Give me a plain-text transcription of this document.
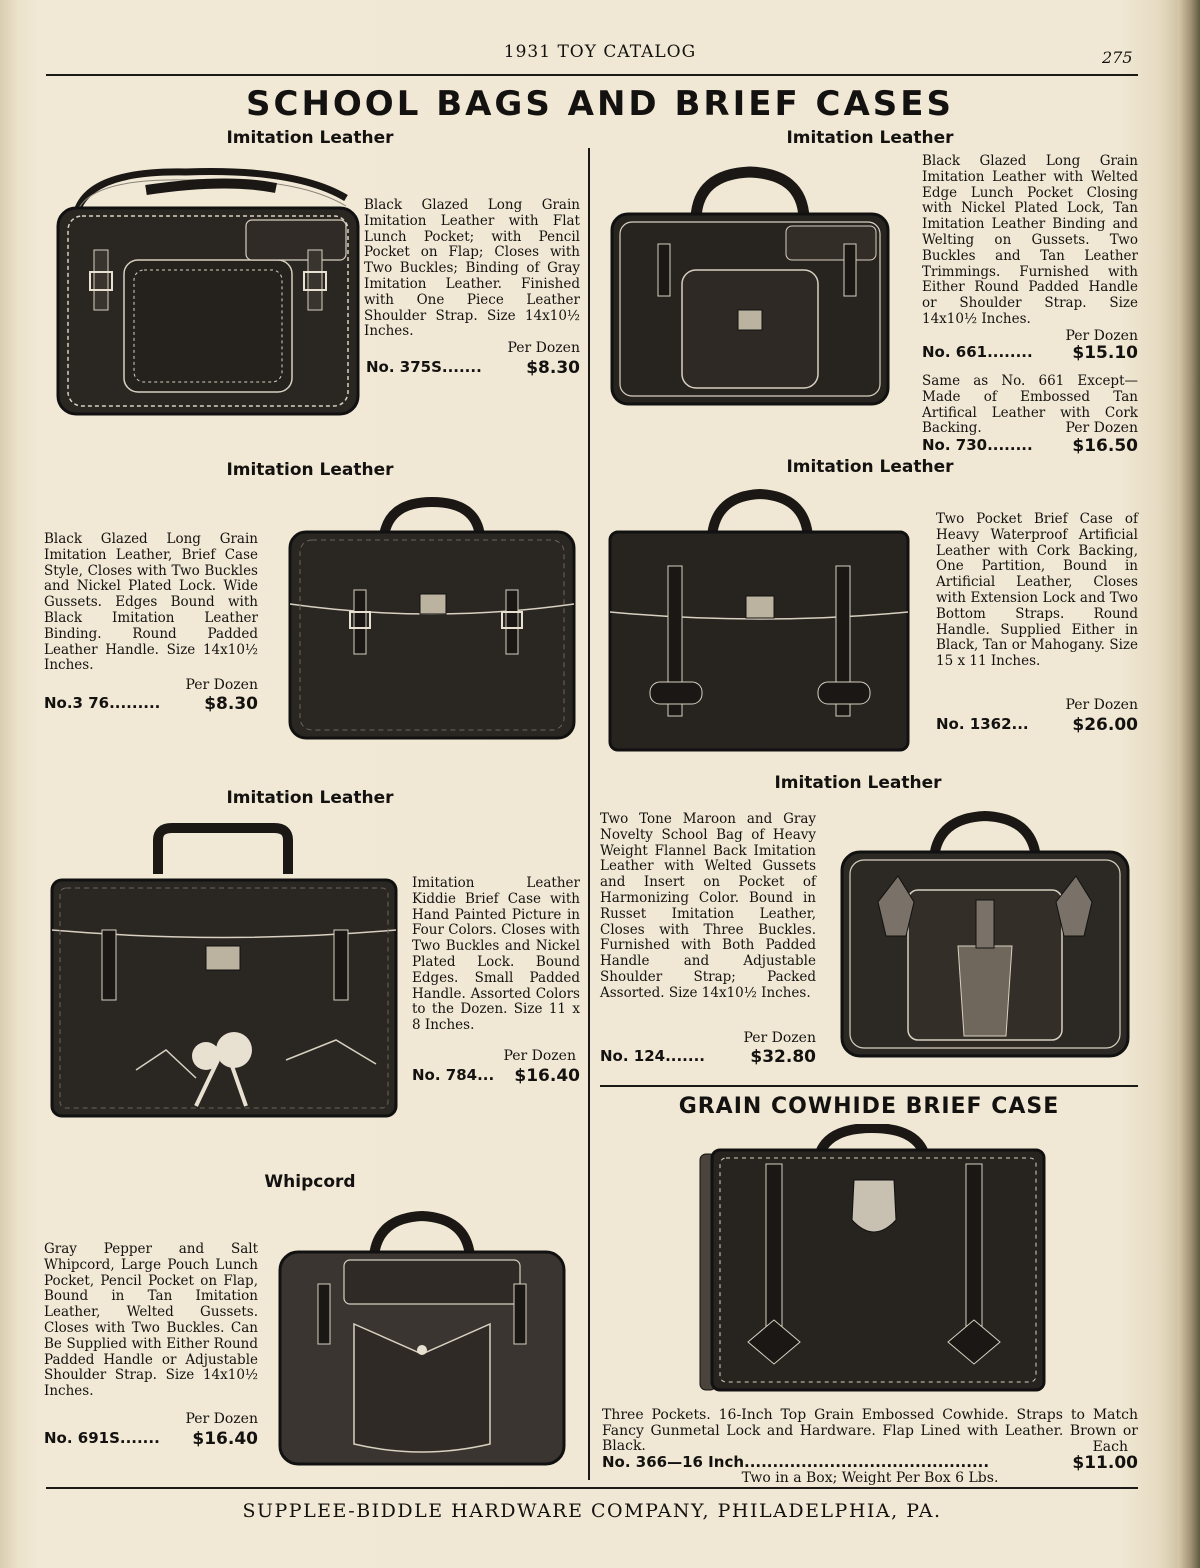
1931 TOY CATALOG	275
SCHOOL BAGS AND BRIEF CASES
Imitation Leather
Black Glazed Long Grain Imitation Leather with Flat Lunch Pocket; with Pencil Pocket on Flap; Closes with Two Buckles; Binding of Gray Imitation Leather. Finished with One Piece Leather Shoulder Strap. Size 14x10½ Inches.
Per Dozen
No. 375S.......	$8.30
Imitation Leather
Black Glazed Long Grain Imitation Leather, Brief Case Style, Closes with Two Buckles and Nickel Plated Lock. Wide Gussets. Edges Bound with Black Imitation Leather Binding. Round Padded Leather Handle. Size 14x10½ Inches.
Per Dozen
No.3 76.........	$8.30
Imitation Leather
Imitation Leather Kiddie Brief Case with Hand Painted Picture in Four Colors. Closes with Two Buckles and Nickel Plated Lock. Bound Edges. Small Padded Handle. Assorted Colors to the Dozen. Size 11 x 8 Inches.
Per Dozen
No. 784... $16.40
Whipcord
Gray Pepper and Salt Whipcord, Large Pouch Lunch Pocket, Pencil Pocket on Flap, Bound in Tan Imitation Leather, Welted Gussets. Closes with Two Buckles. Can Be Supplied with Either Round Padded Handle or Adjustable Shoulder Strap. Size 14x10½ Inches.
Per Dozen
No. 691S....... $16.40
Imitation Leather
Black Glazed Long Grain Imitation Leather with Welted Edge Lunch Pocket Closing with Nickel Plated Lock, Tan Imitation Leather Binding and Welting on Gussets. Two Buckles and Tan Leather Trimmings. Furnished with Either Round Padded Handle or Shoulder Strap. Size 14x10½ Inches.
Per Dozen
No. 661........ $15.10
Same as No. 661 Except—Made of Embossed Tan Artifical Leather with Cork Backing.	Per Dozen
No. 730........ $16.50
Imitation Leather
Two Pocket Brief Case of Heavy Waterproof Artificial Leather with Cork Backing, One Partition, Bound in Artificial Leather, Closes with Extension Lock and Two Bottom Straps. Round Handle. Supplied Either in Black, Tan or Mahogany. Size 15 x 11 Inches.
Per Dozen
No. 1362...	$26.00
Imitation Leather
Two Tone Maroon and Gray Novelty School Bag of Heavy Weight Flannel Back Imitation Leather with Welted Gussets and Insert on Pocket of Harmonizing Color. Bound in Russet Imitation Leather, Closes with Three Buckles. Furnished with Both Padded Handle and Adjustable Shoulder Strap; Packed Assorted. Size 14x10½ Inches.
Per Dozen
No. 124.......	$32.80
GRAIN COWHIDE BRIEF CASE
Three Pockets. 16-Inch Top Grain Embossed Cowhide. Straps to Match Fancy Gunmetal Lock and Hardware. Flap Lined with Leather. Brown or Black.	Each
No. 366—16 Inch...........................................	$11.00
Two in a Box; Weight Per Box 6 Lbs.
SUPPLEE-BIDDLE HARDWARE COMPANY, PHILADELPHIA, PA.
